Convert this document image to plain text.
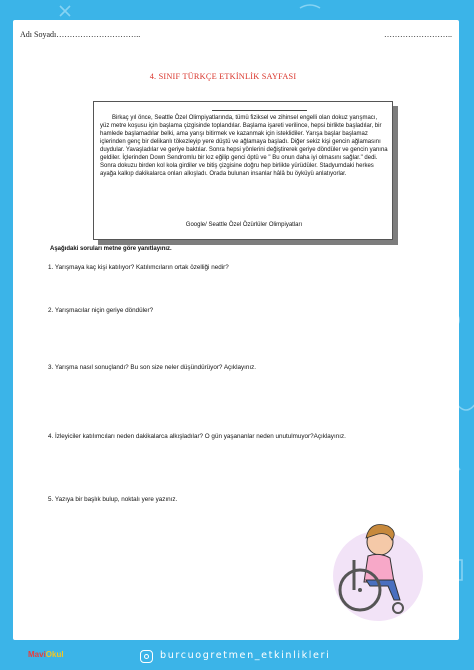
Adı Soyadı…………………………..	……………………..
4. SINIF TÜRKÇE ETKİNLİK SAYFASI
Birkaç yıl önce, Seattle Özel Olimpiyatlarında, tümü fiziksel ve zihinsel engelli olan dokuz yarışmacı, yüz metre koşusu için başlama çizgisinde toplandılar. Başlama işareti verilince, hepsi birlikte başladılar, bir hamlede başlamadılar belki, ama yarışı bitirmek ve kazanmak için isteklidiler. Yarışa başlar başlamaz içlerinden genç bir delikanlı tökezleyip yere düştü ve ağlamaya başladı. Diğer sekiz kişi gencin ağlamasını duydular. Yavaşladılar ve geriye baktılar. Sonra hepsi yönlerini değiştirerek geriye döndüler ve gencin yanına geldiler. İçlerinden Down Sendromlu bir kız eğilip genci öptü ve " Bu onun daha iyi olmasını sağlar." dedi. Sonra dokuzu birden kol kola girdiler ve bitiş çizgisine doğru hep birlikte yürüdüler. Stadyumdaki herkes ayağa kalkıp dakikalarca onları alkışladı. Orada bulunan insanlar hâlâ bu öyküyü anlatıyorlar.
Google/ Seattle Özel Özürlüler Olimpiyatları
Aşağıdaki soruları metne göre yanıtlayınız.
1. Yarışmaya kaç kişi katılıyor? Katılımcıların ortak özelliği nedir?
2. Yarışmacılar niçin geriye döndüler?
3. Yarışma nasıl sonuçlandı? Bu son size neler düşündürüyor? Açıklayınız.
4. İzleyiciler katılımcıları neden dakikalarca alkışladılar? O gün yaşananlar neden unutulmuyor?Açıklayınız.
5. Yazıya bir başlık bulup, noktalı yere yazınız.
MaviOkul	burcuogretmen_etkinlikleri
